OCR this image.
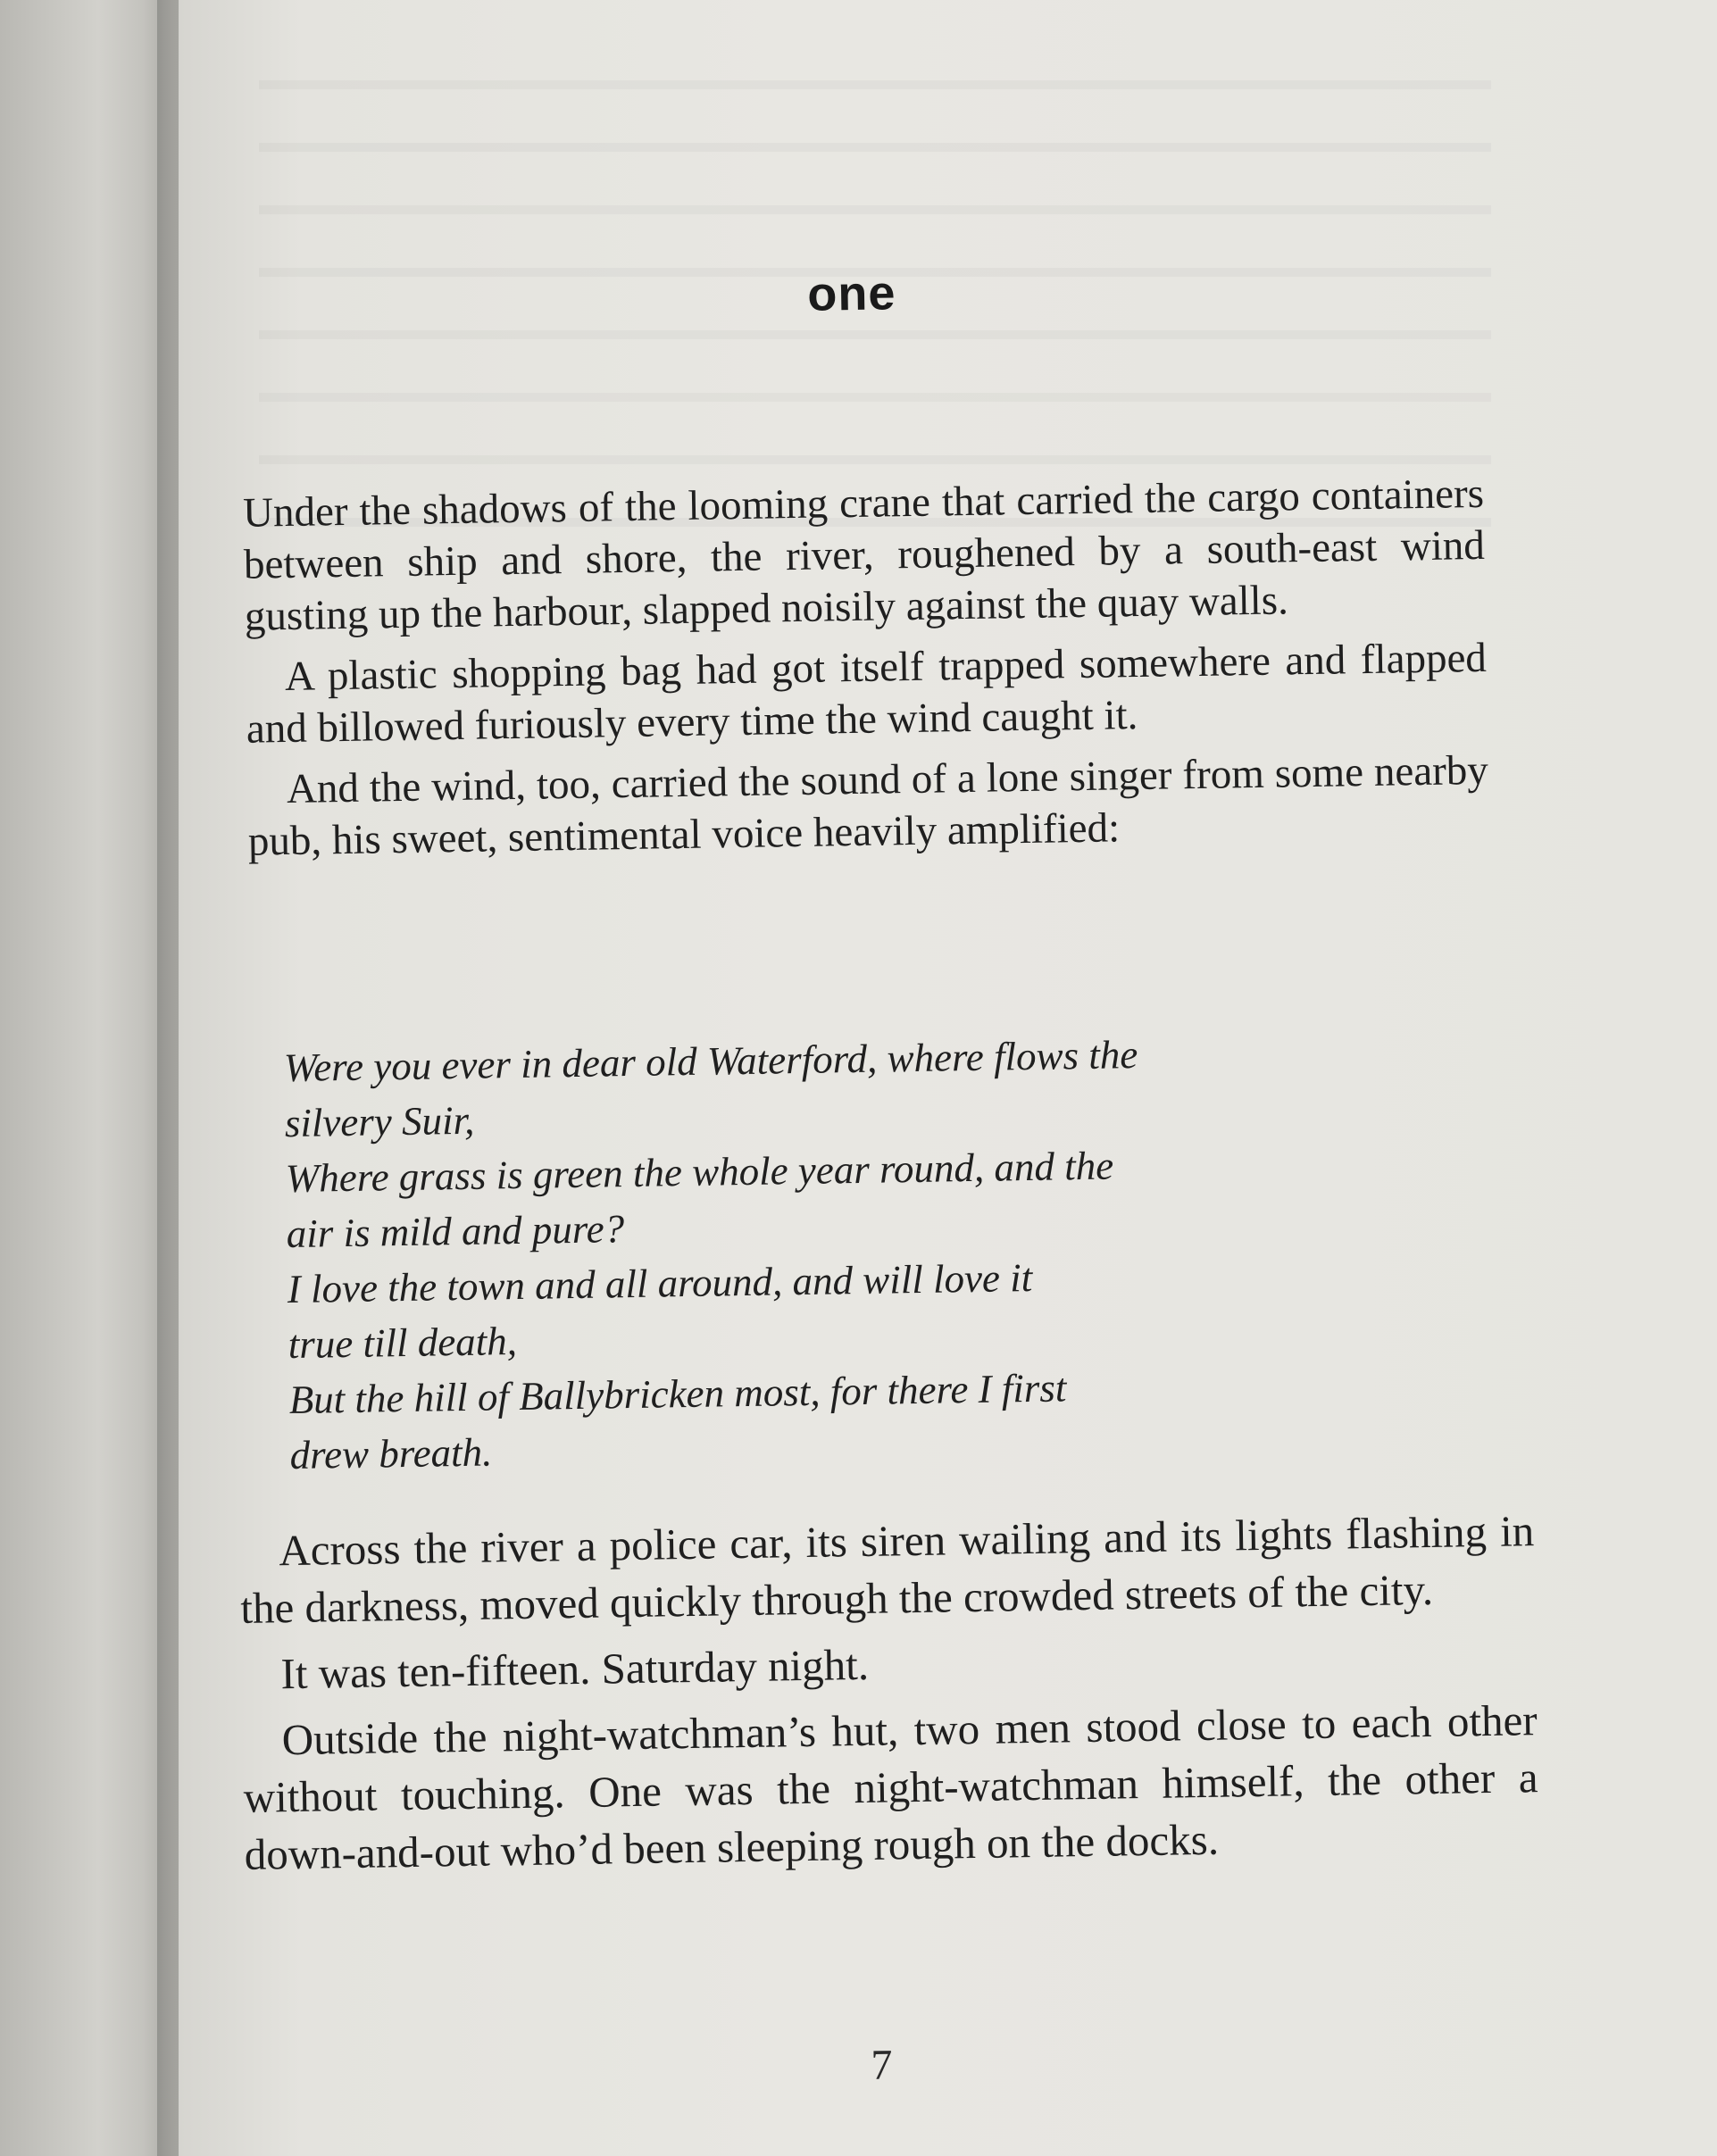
one

Under the shadows of the looming crane that carried the cargo containers between ship and shore, the river, roughened by a south-east wind gusting up the harbour, slapped noisily against the quay walls.

A plastic shopping bag had got itself trapped somewhere and flapped and billowed furiously every time the wind caught it.

And the wind, too, carried the sound of a lone singer from some nearby pub, his sweet, sentimental voice heavily amplified:

Were you ever in dear old Waterford, where flows the

silvery Suir,

Where grass is green the whole year round, and the

air is mild and pure?

I love the town and all around, and will love it

true till death,

But the hill of Ballybricken most, for there I first

drew breath.

Across the river a police car, its siren wailing and its lights flashing in the darkness, moved quickly through the crowded streets of the city.

It was ten-fifteen. Saturday night.

Outside the night-watchman’s hut, two men stood close to each other without touching. One was the night-watchman himself, the other a down-and-out who’d been sleeping rough on the docks.

7
